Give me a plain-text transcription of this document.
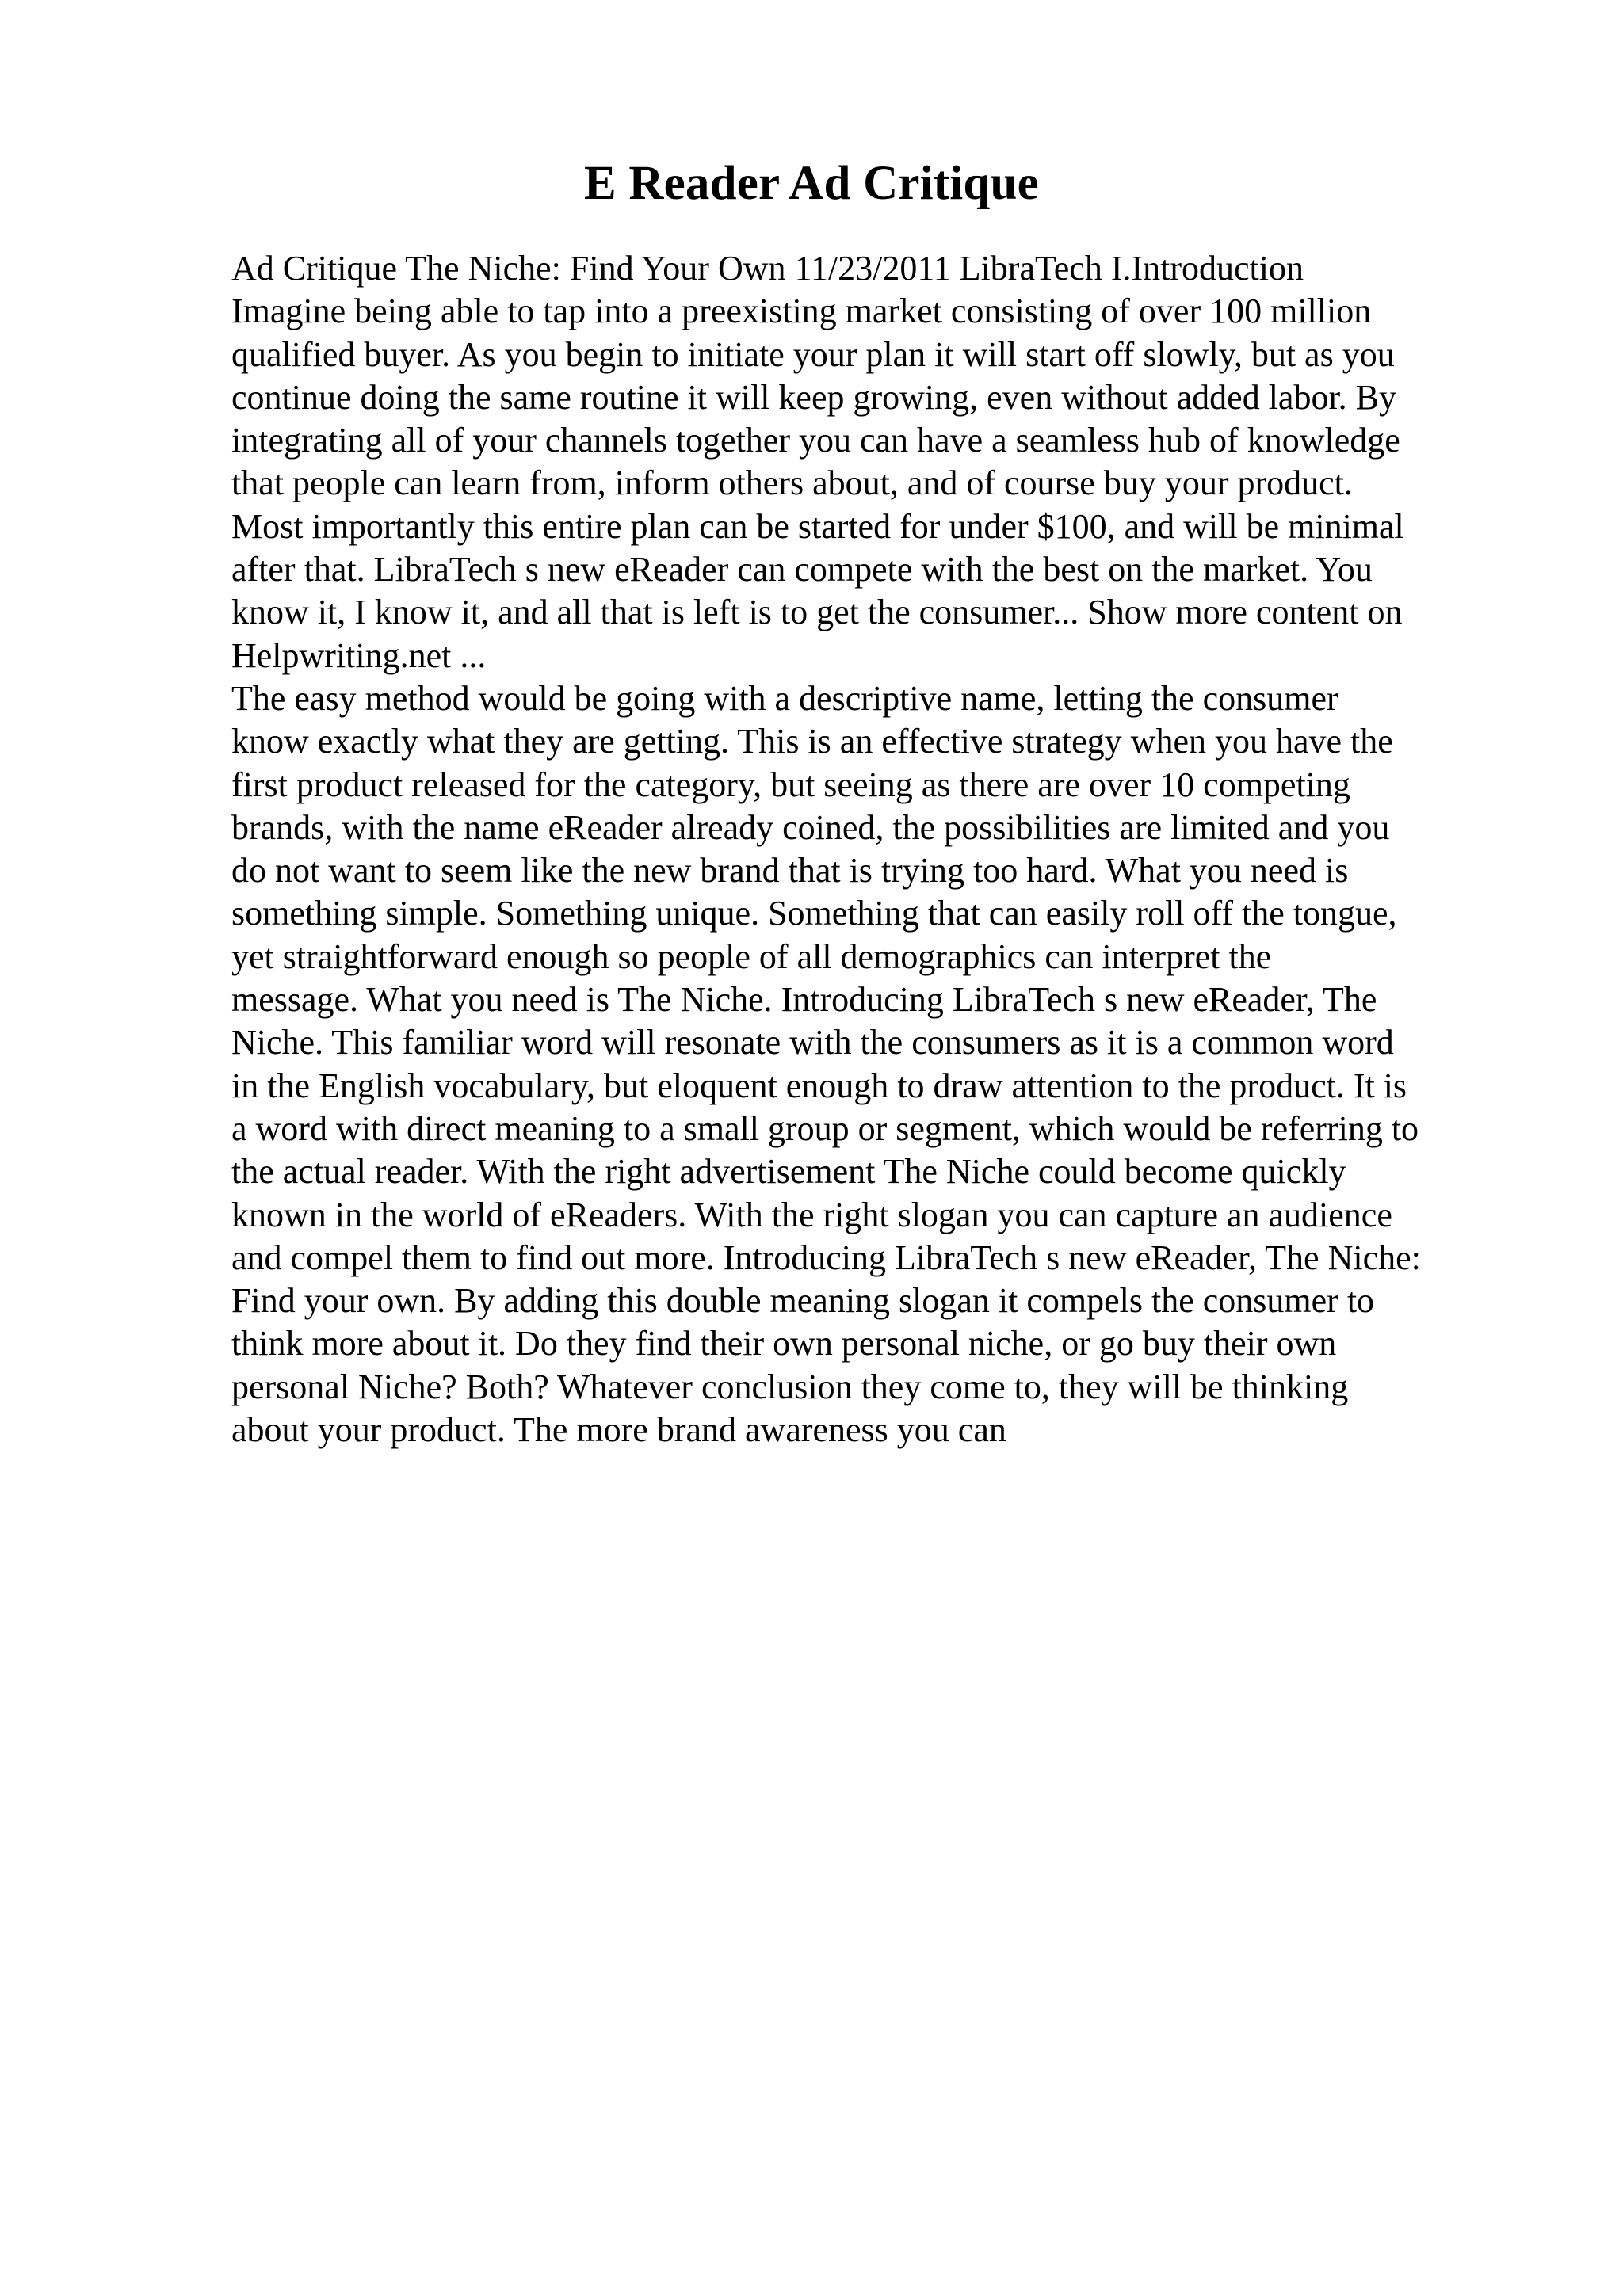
E Reader Ad Critique

Ad Critique The Niche: Find Your Own 11/23/2011 LibraTech I.Introduction
Imagine being able to tap into a preexisting market consisting of over 100 million
qualified buyer. As you begin to initiate your plan it will start off slowly, but as you
continue doing the same routine it will keep growing, even without added labor. By
integrating all of your channels together you can have a seamless hub of knowledge
that people can learn from, inform others about, and of course buy your product.
Most importantly this entire plan can be started for under $100, and will be minimal
after that. LibraTech s new eReader can compete with the best on the market. You
know it, I know it, and all that is left is to get the consumer... Show more content on
Helpwriting.net ...

The easy method would be going with a descriptive name, letting the consumer
know exactly what they are getting. This is an effective strategy when you have the
first product released for the category, but seeing as there are over 10 competing
brands, with the name eReader already coined, the possibilities are limited and you
do not want to seem like the new brand that is trying too hard. What you need is
something simple. Something unique. Something that can easily roll off the tongue,
yet straightforward enough so people of all demographics can interpret the
message. What you need is The Niche. Introducing LibraTech s new eReader, The
Niche. This familiar word will resonate with the consumers as it is a common word
in the English vocabulary, but eloquent enough to draw attention to the product. It is
a word with direct meaning to a small group or segment, which would be referring to
the actual reader. With the right advertisement The Niche could become quickly
known in the world of eReaders. With the right slogan you can capture an audience
and compel them to find out more. Introducing LibraTech s new eReader, The Niche:
Find your own. By adding this double meaning slogan it compels the consumer to
think more about it. Do they find their own personal niche, or go buy their own
personal Niche? Both? Whatever conclusion they come to, they will be thinking
about your product. The more brand awareness you can
